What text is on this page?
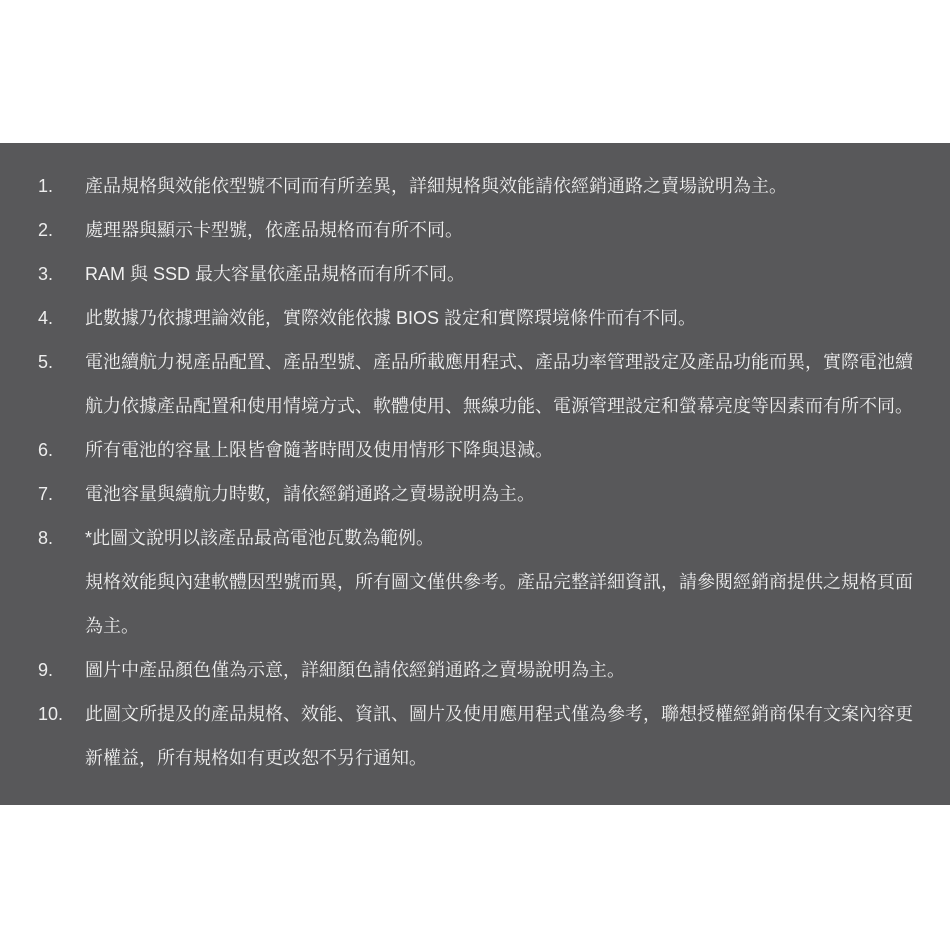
1.	產品規格與效能依型號不同而有所差異，詳細規格與效能請依經銷通路之賣場說明為主。
2.	處理器與顯示卡型號，依產品規格而有所不同。
3.	RAM 與 SSD 最大容量依產品規格而有所不同。
4.	此數據乃依據理論效能，實際效能依據 BIOS 設定和實際環境條件而有不同。
5.	電池續航力視產品配置、產品型號、產品所載應用程式、產品功率管理設定及產品功能而異，實際電池續航力依據產品配置和使用情境方式、軟體使用、無線功能、電源管理設定和螢幕亮度等因素而有所不同。
6.	所有電池的容量上限皆會隨著時間及使用情形下降與退減。
7.	電池容量與續航力時數，請依經銷通路之賣場說明為主。
8.	*此圖文說明以該產品最高電池瓦數為範例。
規格效能與內建軟體因型號而異，所有圖文僅供參考。產品完整詳細資訊，請參閱經銷商提供之規格頁面為主。
9.	圖片中產品顏色僅為示意，詳細顏色請依經銷通路之賣場說明為主。
10.	此圖文所提及的產品規格、效能、資訊、圖片及使用應用程式僅為參考，聯想授權經銷商保有文案內容更新權益，所有規格如有更改恕不另行通知。
